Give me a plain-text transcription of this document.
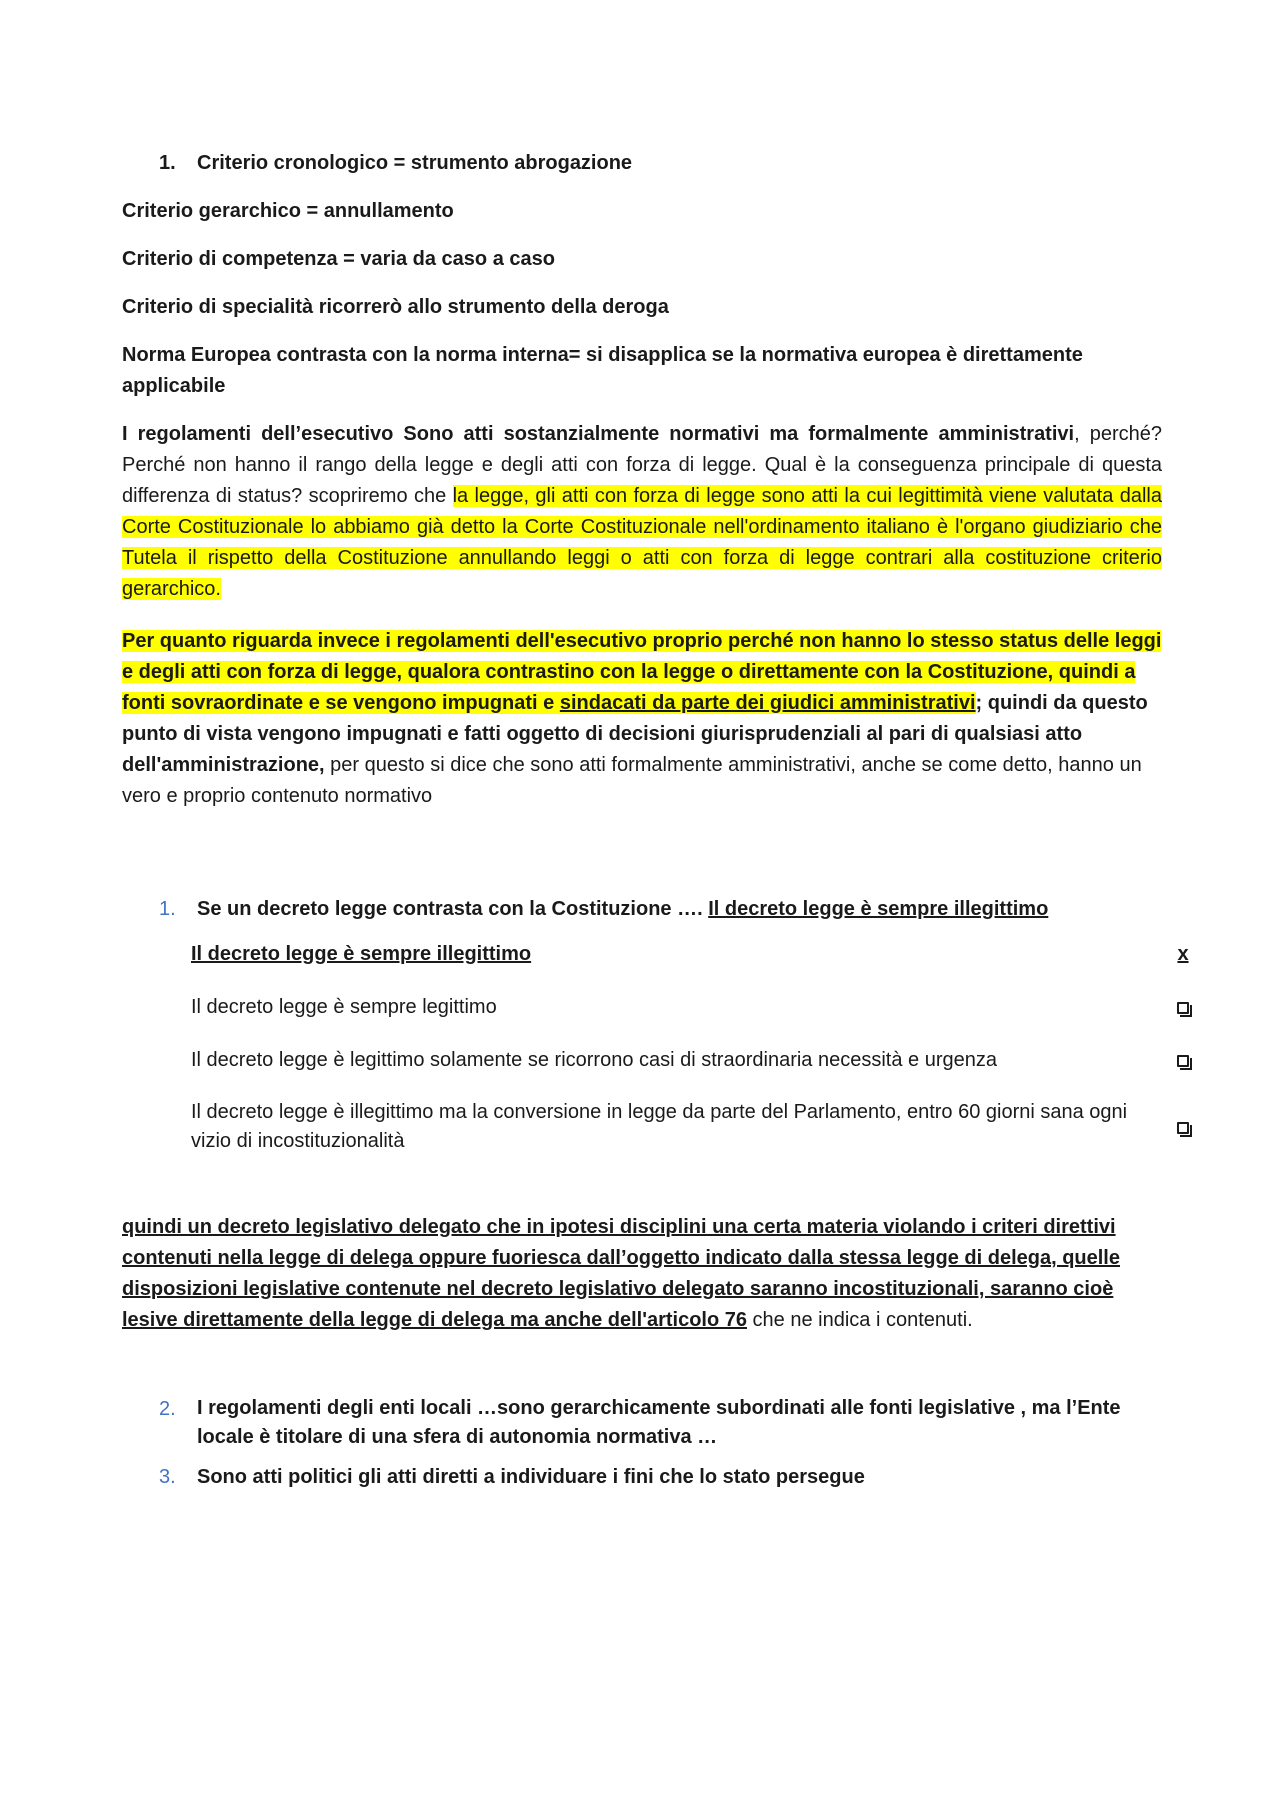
1.	Criterio cronologico = strumento abrogazione

Criterio gerarchico = annullamento

Criterio di competenza = varia da caso a caso

Criterio di specialità ricorrerò allo strumento della deroga

Norma Europea contrasta con la norma interna= si disapplica se la normativa europea è direttamente applicabile

I regolamenti dell’esecutivo Sono atti sostanzialmente normativi ma formalmente amministrativi, perché? Perché non hanno il rango della legge e degli atti con forza di legge. Qual è la conseguenza principale di questa differenza di status? scopriremo che la legge, gli atti con forza di legge sono atti la cui legittimità viene valutata dalla Corte Costituzionale lo abbiamo già detto la Corte Costituzionale nell'ordinamento italiano è l'organo giudiziario che Tutela il rispetto della Costituzione annullando leggi o atti con forza di legge contrari alla costituzione criterio gerarchico.

Per quanto riguarda invece i regolamenti dell'esecutivo proprio perché non hanno lo stesso status delle leggi e degli atti con forza di legge, qualora contrastino con la legge o direttamente con la Costituzione, quindi a fonti sovraordinate e se vengono impugnati e sindacati da parte dei giudici amministrativi; quindi da questo punto di vista vengono impugnati e fatti oggetto di decisioni giurisprudenziali al pari di qualsiasi atto dell'amministrazione, per questo si dice che sono atti formalmente amministrativi, anche se come detto, hanno un vero e proprio contenuto normativo

1.	Se un decreto legge contrasta con la Costituzione …. Il decreto legge è sempre illegittimo
Il decreto legge è sempre illegittimo	x
Il decreto legge è sempre legittimo
Il decreto legge è legittimo solamente se ricorrono casi di straordinaria necessità e urgenza
Il decreto legge è illegittimo ma la conversione in legge da parte del Parlamento, entro 60 giorni sana ogni vizio di incostituzionalità

quindi un decreto legislativo delegato che in ipotesi disciplini una certa materia violando i criteri direttivi contenuti nella legge di delega oppure fuoriesca dall’oggetto indicato dalla stessa legge di delega, quelle disposizioni legislative contenute nel decreto legislativo delegato saranno incostituzionali, saranno cioè lesive direttamente della legge di delega ma anche dell'articolo 76 che ne indica i contenuti.

2.	I regolamenti degli enti locali …sono gerarchicamente subordinati alle fonti legislative , ma l’Ente locale è titolare di una sfera di autonomia normativa …
3.	Sono atti politici gli atti diretti a individuare i fini che lo stato persegue
